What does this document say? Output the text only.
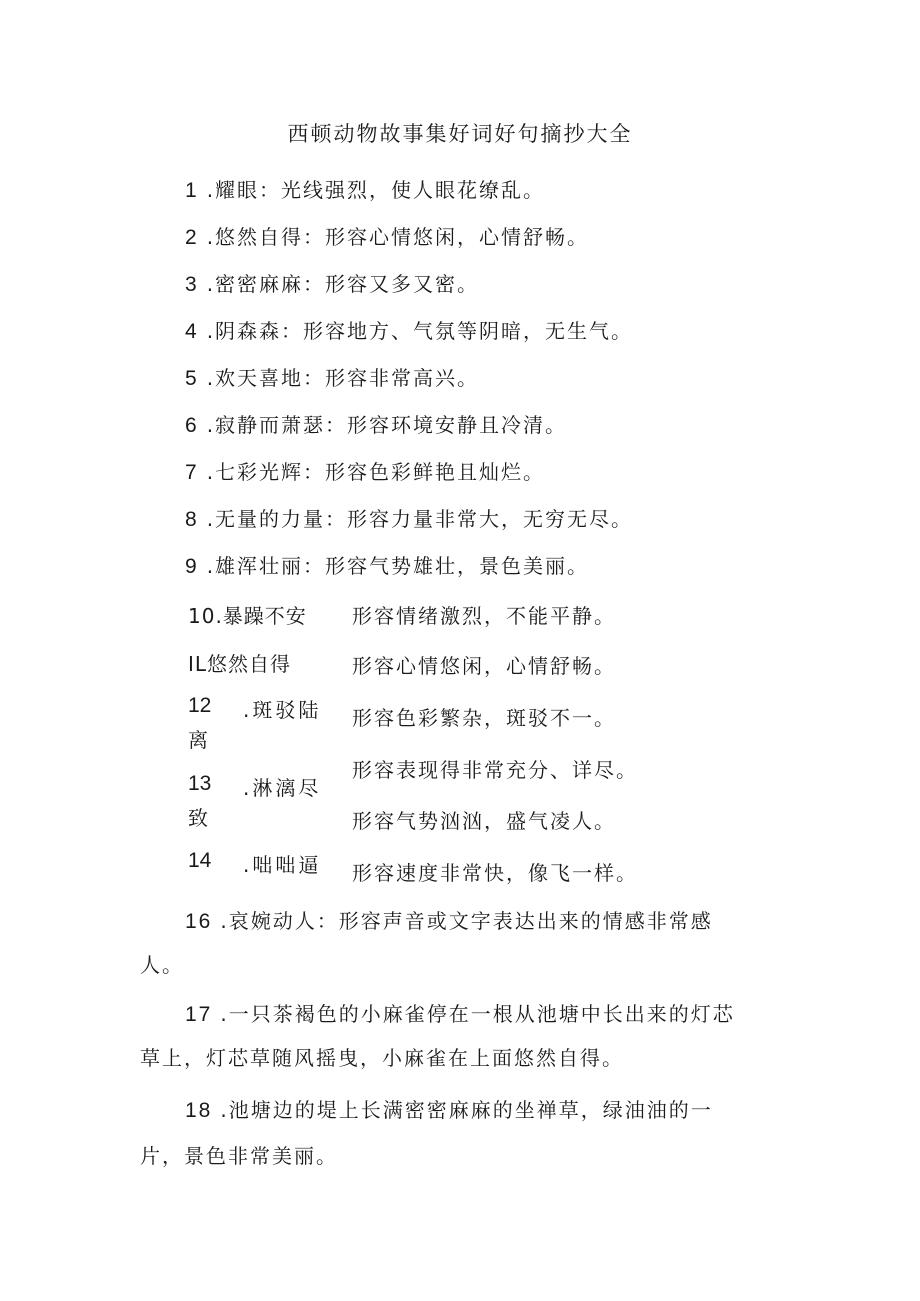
西顿动物故事集好词好句摘抄大全
1 .耀眼：光线强烈，使人眼花缭乱。
2 .悠然自得：形容心情悠闲，心情舒畅。
3 .密密麻麻：形容又多又密。
4 .阴森森：形容地方、气氛等阴暗，无生气。
5 .欢天喜地：形容非常高兴。
6 .寂静而萧瑟：形容环境安静且冷清。
7 .七彩光辉：形容色彩鲜艳且灿烂。
8 .无量的力量：形容力量非常大，无穷无尽。
9 .雄浑壮丽：形容气势雄壮，景色美丽。
10.暴躁不安 形容情绪激烈，不能平静。
IL悠然自得	形容心情悠闲，心情舒畅。
12 .斑驳陆
离
形容色彩繁杂，斑驳不一。
13 .淋漓尽
致
形容表现得非常充分、详尽。
形容气势汹汹，盛气凌人。
14 .咄咄逼 形容速度非常快，像飞一样。
16 .哀婉动人：形容声音或文字表达出来的情感非常感
人。
17 .一只茶褐色的小麻雀停在一根从池塘中长出来的灯芯
草上，灯芯草随风摇曳，小麻雀在上面悠然自得。
18 .池塘边的堤上长满密密麻麻的坐禅草，绿油油的一
片，景色非常美丽。
